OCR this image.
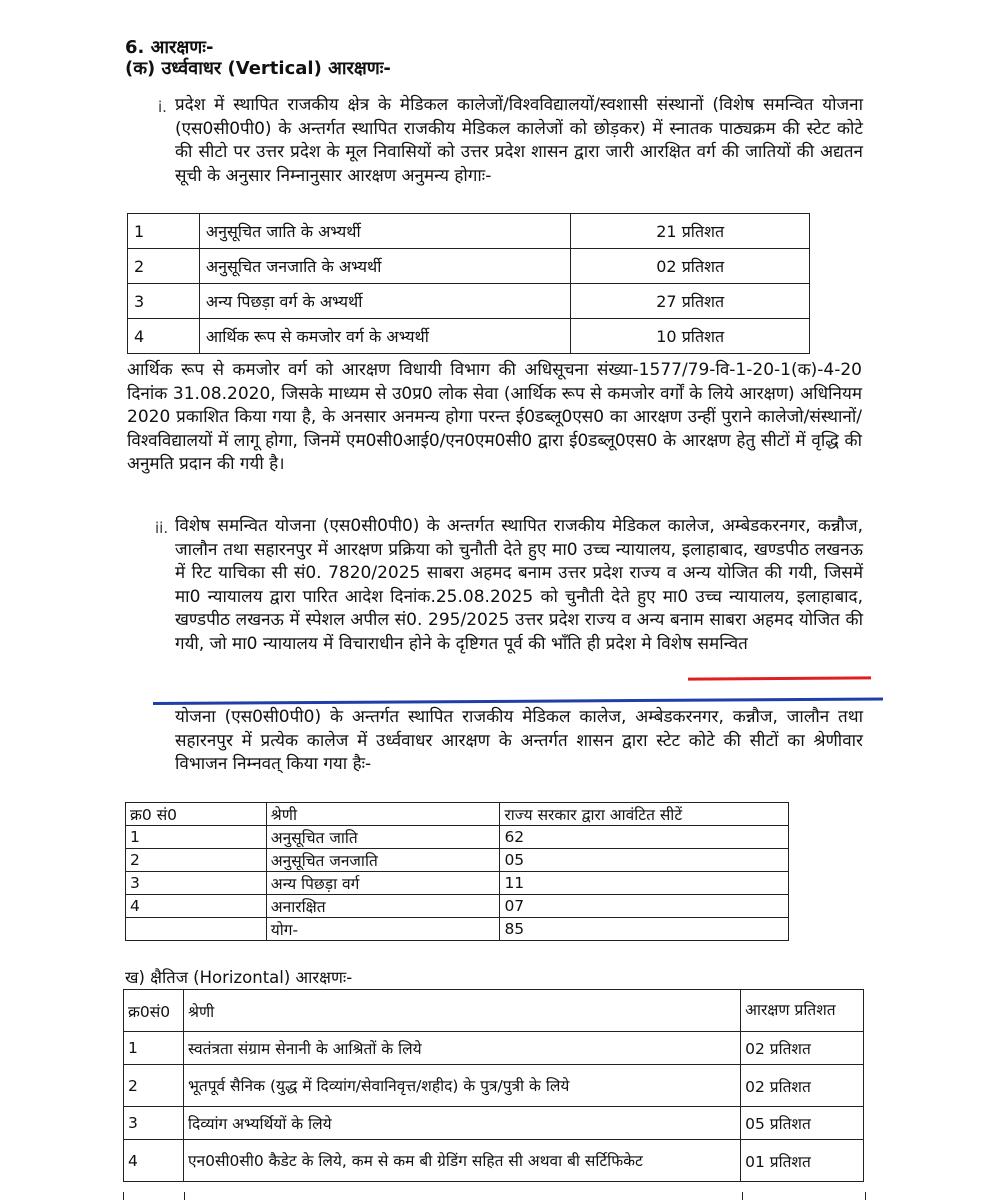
6. आरक्षणः-
(क) उर्ध्ववाधर (Vertical) आरक्षणः-
i. प्रदेश में स्थापित राजकीय क्षेत्र के मेडिकल कालेजों/विश्वविद्यालयों/स्वशासी संस्थानों (विशेष समन्वित योजना (एस0सी0पी0) के अन्तर्गत स्थापित राजकीय मेडिकल कालेजों को छोड़कर) में स्नातक पाठ्यक्रम की स्टेट कोटे की सीटो पर उत्तर प्रदेश के मूल निवासियों को उत्तर प्रदेश शासन द्वारा जारी आरक्षित वर्ग की जातियों की अद्यतन सूची के अनुसार निम्नानुसार आरक्षण अनुमन्य होगाः-
1	अनुसूचित जाति के अभ्यर्थी	21 प्रतिशत
2	अनुसूचित जनजाति के अभ्यर्थी	02 प्रतिशत
3	अन्य पिछड़ा वर्ग के अभ्यर्थी	27 प्रतिशत
4	आर्थिक रूप से कमजोर वर्ग के अभ्यर्थी	10 प्रतिशत
आर्थिक रूप से कमजोर वर्ग को आरक्षण विधायी विभाग की अधिसूचना संख्या-1577/79-वि-1-20-1(क)-4-20 दिनांक 31.08.2020, जिसके माध्यम से उ0प्र0 लोक सेवा (आर्थिक रूप से कमजोर वर्गों के लिये आरक्षण) अधिनियम 2020 प्रकाशित किया गया है, के अनसार अनमन्य होगा परन्त ई0डब्लू0एस0 का आरक्षण उन्हीं पुराने कालेजो/संस्थानों/विश्वविद्यालयों में लागू होगा, जिनमें एम0सी0आई0/एन0एम0सी0 द्वारा ई0डब्लू0एस0 के आरक्षण हेतु सीटों में वृद्धि की अनुमति प्रदान की गयी है।
ii. विशेष समन्वित योजना (एस0सी0पी0) के अन्तर्गत स्थापित राजकीय मेडिकल कालेज, अम्बेडकरनगर, कन्नौज, जालौन तथा सहारनपुर में आरक्षण प्रक्रिया को चुनौती देते हुए मा0 उच्च न्यायालय, इलाहाबाद, खण्डपीठ लखनऊ में रिट याचिका सी सं0. 7820/2025 साबरा अहमद बनाम उत्तर प्रदेश राज्य व अन्य योजित की गयी, जिसमें मा0 न्यायालय द्वारा पारित आदेश दिनांक.25.08.2025 को चुनौती देते हुए मा0 उच्च न्यायालय, इलाहाबाद, खण्डपीठ लखनऊ में स्पेशल अपील सं0. 295/2025 उत्तर प्रदेश राज्य व अन्य बनाम साबरा अहमद योजित की गयी, जो मा0 न्यायालय में विचाराधीन होने के दृष्टिगत पूर्व की भाँति ही प्रदेश मे विशेष समन्वित
योजना (एस0सी0पी0) के अन्तर्गत स्थापित राजकीय मेडिकल कालेज, अम्बेडकरनगर, कन्नौज, जालौन तथा सहारनपुर में प्रत्येक कालेज में उर्ध्ववाधर आरक्षण के अन्तर्गत शासन द्वारा स्टेट कोटे की सीटों का श्रेणीवार विभाजन निम्नवत् किया गया हैः-
क्र0 सं0	श्रेणी	राज्य सरकार द्वारा आवंटित सीटें
1	अनुसूचित जाति	62
2	अनुसूचित जनजाति	05
3	अन्य पिछड़ा वर्ग	11
4	अनारक्षित	07
	योग-	85
ख) क्षैतिज (Horizontal) आरक्षणः-
क्र0सं0	श्रेणी	आरक्षण प्रतिशत
1	स्वतंत्रता संग्राम सेनानी के आश्रितों के लिये	02 प्रतिशत
2	भूतपूर्व सैनिक (युद्ध में दिव्यांग/सेवानिवृत्त/शहीद) के पुत्र/पुत्री के लिये	02 प्रतिशत
3	दिव्यांग अभ्यर्थियों के लिये	05 प्रतिशत
4	एन0सी0सी0 कैडेट के लिये, कम से कम बी ग्रेडिंग सहित सी अथवा बी सर्टिफिकेट	01 प्रतिशत
